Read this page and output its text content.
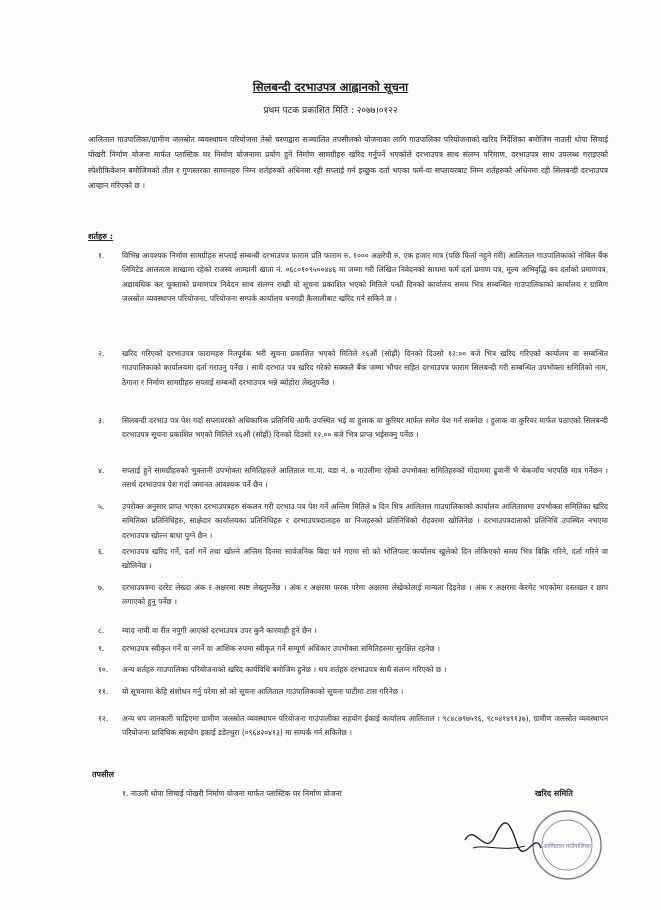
सिलबन्दी दरभाउपत्र आह्वानको सूचना
प्रथम पटक प्रकाशित मिति : २०७७।०१२२
आलिताल गाउपालिका/ग्रामीण जलस्रोत व्यवस्थापन परियोजना तेस्रो चरणद्वारा सञ्चालित तपसीलको योजनाका लागि गाउपालिका परियोजनाको खरिद निर्देशिका बमोजिम नाउली धोपा सिचाई पोखरी निर्माण योजना मार्फत प्लास्टिक घर निर्माण योजनामा प्रयोग हुने निर्माण सामग्रीहरु खरिद गर्नुपर्ने भएकोले दरभाउपत्र साथ संलग्न परिमाण, दरभाउपत्र साथ उपलब्ध गराइएको स्पेशीफिकेशन बमोजिमको तौल र गुणस्तरका सामानहरु निम्न शर्तहरुको अधिनमा रही सप्लाई गर्न इच्छुक दर्ता भएका फर्म-वा सप्लायरबाट निम्न शर्तहरुको अधिनमा रही सिलबन्दी दरभाउपत्र आव्हान गरिएको छ ।
शर्तहरु :
१.	विभिन्न आवश्यक निर्माण सामग्रीहरु सप्लाई सम्बन्धी दरभाउपत्र फाराम प्रति फाराम रु. १००० अक्षरेपी रु. एक हजार मात्र (पछि फिर्ता नहुने गरी) आलिताल गाउपालिकाको नोबिल बैंक लिमिटेड आलताल शाखामा रहेको राजस्व आम्दानी खाता नं. ०६८०१०९५००४४६ मा जम्मा गरी लिखित निवेदनको साथमा फर्म दर्ता प्रमाण पत्र, मूल्य अभिवृद्धि कर दर्ताको प्रमाणपत्र, अद्यावधिक कर चुक्ताको प्रमाणपत्र निवेदन साथ संलग्न राखी यो सूचना प्रकाशित भएको मितिले पन्ध्रौं दिनको कार्यालय समय भित्र सम्बन्धित गाउपालिकाको कार्यालय र ग्रामिण जलस्रोत व्यवस्थापन परियोजना, परियोजना सम्पर्क कार्यालय धनगढी कैलालीबाट खरिद गर्न सकिने छ ।
२.	खरिद गरिएको दरभाउपत्र फारामहरु रितपूर्वक भरी सूचना प्रकाशित भएको मितिले १६औं (सोह्रौं) दिनको दिउसो १२:०० बजे भित्र खरिद गरिएको कार्यालय वा सम्बन्धित गाउपालिकाको कार्यालयमा दर्ता गराउनु पर्नेछ । साथै दरभाउ पत्र खरिद गरेको सक्कलै बैंक जम्मा भौचर सहित दरभाउपत्र फाराम सिलबन्दी गरी सम्बन्धित उपभोक्ता समितिको नाम, ठेगाना र निर्माण सामग्रीहरु सप्लाई सम्बन्धी दरभाउपत्र भन्ने ब्योहोरा लेख्नुपर्नेछ ।
३.	सिलबन्दी दरभाउ पत्र पेश गर्दा सप्लायरको अधिकारिक प्रतिनिधि आफैं उपस्थित भई वा हुलाक वा कुरियर मार्फत समेत पेश गर्न सक्नेछ । हुलाक वा कुरियर मार्फत पठाएको सिलबन्दी दरभाउपत्र सूचना प्रकाशित भएको मितिले १६औं (सोह्रौं) दिनको दिउसो १२.०० बजे भित्र प्राप्त भईसक्नु पर्नेछ ।
४.	सप्लाई हुने सामग्रीहरुको भुक्तानी उपभोक्ता समितिहरुले आलिताल गा.पा. वडा नं. ७ नाउलीमा रहेको उपभोक्ता समितिहरुको गोदाममा ढुवानी भै चेकजाँच भएपछि मात्र गर्नेछन । तसर्थ दरभाउपत्र पेश गर्दा जमानत आवश्यक पर्ने छैन ।
५.	उपरोक्त अनुसार प्राप्त भएका दरभाउपत्रहरु संकलन गरी दरभाउ पत्र पेश गर्ने अन्तिम मितिले ७ दिन भित्र आलिताल गाउपालिकाको कार्यालय आलितालमा उपभोक्ता समितिका खरिद समितिका प्रतिनिधिहरु, साक्षेदार कार्यालयका प्रतिनिधिहरु र दरभाउपत्रदाताहरु वा निजहरुको प्रतिनिधिको रोहवरमा खोलिनेछ । दरभाउपत्रदाताको प्रतिनिधि उपस्थित नभएमा दरभाउपत्र खोल्न बाधा पुग्ने छैन ।
६.	दरभाउपत्र खरिद गर्ने, दर्ता गर्ने तथा खोल्ने अन्तिम दिनमा सार्वजनिक बिदा पर्न गएमा सो को भोलिपल्ट कार्यालय खुलेको दिन तोकिएको समय भित्र बिक्रि गरिने, दर्ता गरिने वा खोलिनेछ ।
७.	दरभाउपत्रमा दररेट लेख्दा अंक र अक्षरमा स्पष्ट लेख्नुपर्नेछ । अंक र अक्षरमा फरक परेमा अक्षरमा लेखेकोलाई मान्यता दिइनेछ । अंक र अक्षरमा केरमेट भएकोमा दस्तखत र छाप लगाएको हुनु पर्नेछ ।
८.	म्याद नाघी वा रीत नपुगी आएको दरभाउपत्र उपर कुनै कारवाही हुने छैन ।
९.	दरभाउपत्र स्वीकृत गर्ने वा नगर्ने वा आंशिक रुपमा स्वीकृत गर्ने सम्पूर्ण अधिकार उपभोक्ता समितिहरुमा सुरक्षित रहनेछ ।
१०.	अन्य शर्तहरु गाउपालिका परियोजनाको खरिद कार्यविधि बमोजिम हुनेछ । थप शर्तहरु दरभाउपत्र साथै संलग्न गरिएको छ ।
११.	यो सूचनामा केहि संशोधन गर्नु परेमा सो को सूचना आलिताल गाउंपालिकाको सूचना पाटीमा टास गरिनेछ ।
१२.	अन्य थप जानकारी चाहिएमा ग्रामीण जलस्रोत व्यवस्थापन परियोजना गाउंपालीका सहयोग ईकाई कार्यालय आलिताल । ९८४८७९७५९६, ९८०४१४९१३७), ग्रामीण जलस्रोत व्यवस्थापन परियोजना प्राविधिक सहयोग इकाई डडेल्धुरा (०९६४२०४१३) मा सम्पर्क गर्न सकिनेछ ।
तपसील
१. नाउली धोपा सिचाई पोखरी निर्माण योजना मार्फत प्लास्टिक घर निर्माण योजना	खरिद समिति
आलिताल गाउँपालिका
